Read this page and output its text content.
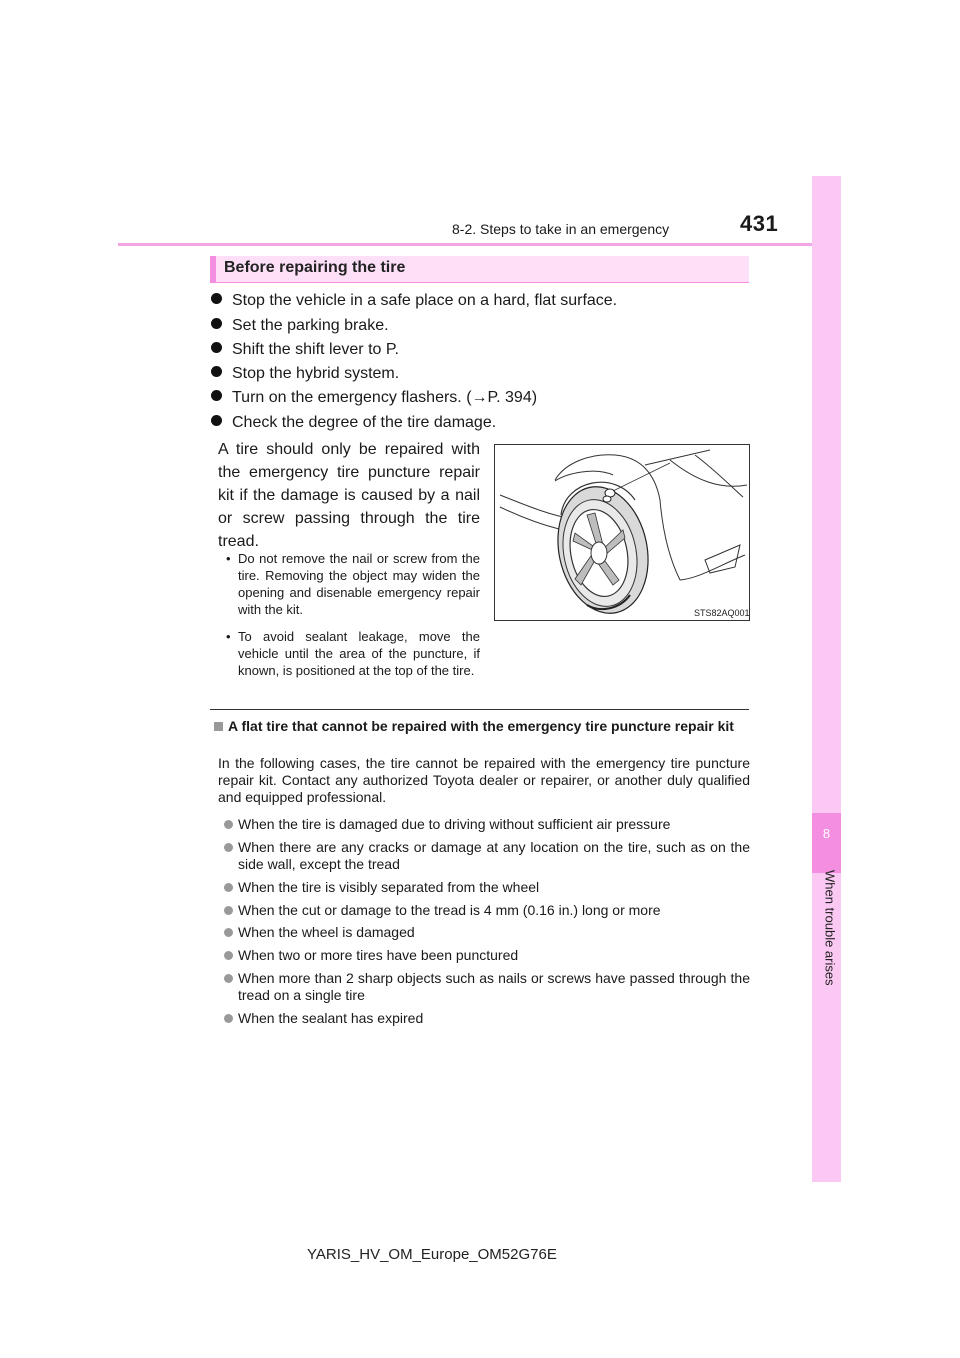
8-2. Steps to take in an emergency	431
8
When trouble arises
Before repairing the tire
Stop the vehicle in a safe place on a hard, flat surface.
Set the parking brake.
Shift the shift lever to P.
Stop the hybrid system.
Turn on the emergency flashers. (→P. 394)
Check the degree of the tire damage.
A tire should only be repaired with the emergency tire puncture repair kit if the damage is caused by a nail or screw passing through the tire tread.
• Do not remove the nail or screw from the tire. Removing the object may widen the opening and disenable emergency repair with the kit.
• To avoid sealant leakage, move the vehicle until the area of the puncture, if known, is positioned at the top of the tire.
STS82AQ001
A flat tire that cannot be repaired with the emergency tire puncture repair kit
In the following cases, the tire cannot be repaired with the emergency tire puncture repair kit. Contact any authorized Toyota dealer or repairer, or another duly qualified and equipped professional.
When the tire is damaged due to driving without sufficient air pressure
When there are any cracks or damage at any location on the tire, such as on the side wall, except the tread
When the tire is visibly separated from the wheel
When the cut or damage to the tread is 4 mm (0.16 in.) long or more
When the wheel is damaged
When two or more tires have been punctured
When more than 2 sharp objects such as nails or screws have passed through the tread on a single tire
When the sealant has expired
YARIS_HV_OM_Europe_OM52G76E
